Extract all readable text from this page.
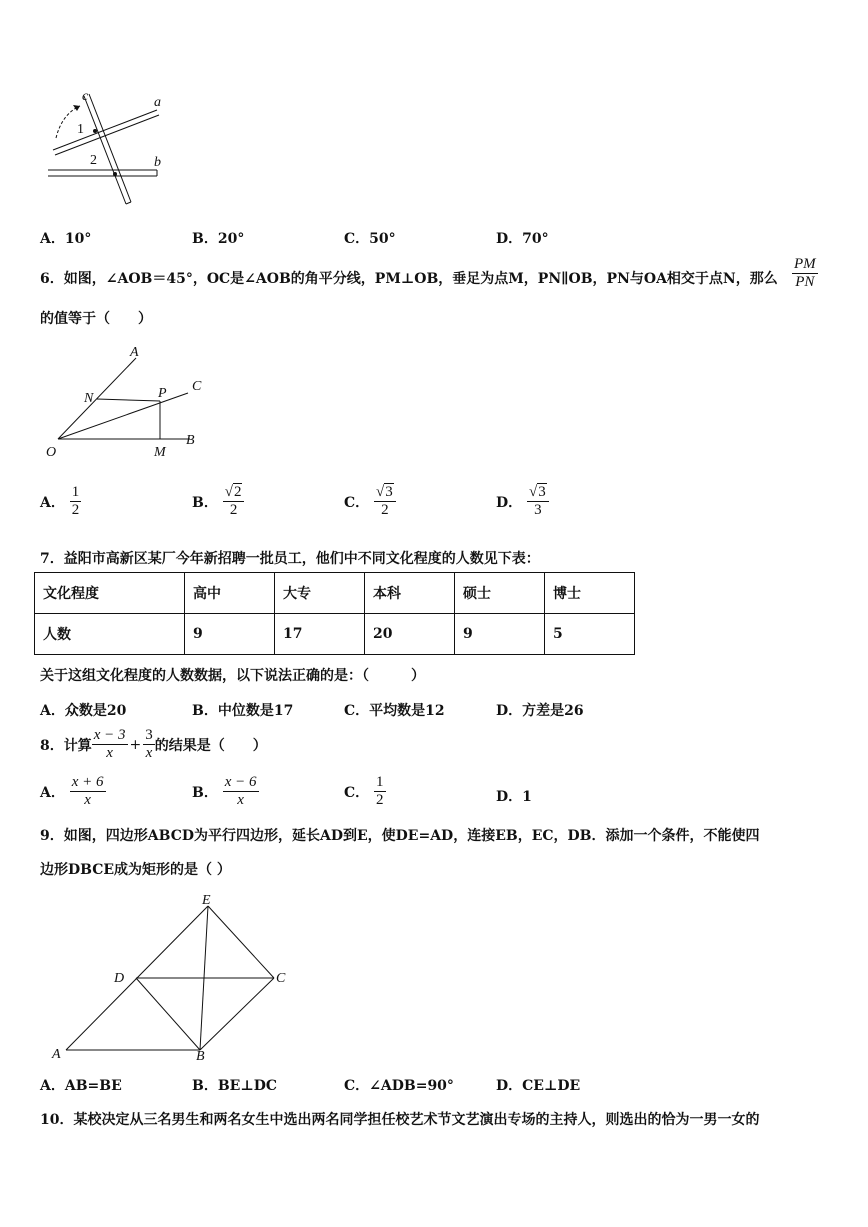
c	a
b
1
2
A．10°	B．20°	C．50°	D．70°
6．如图，∠AOB＝45°，OC是∠AOB的角平分线，PM⊥OB，垂足为点M，PN∥OB，PN与OA相交于点N，那么 $\frac{PM}{PN}$
的值等于（　　）
A
N	P C
O	M
B
A． $\frac{1}{2}$	B． $\frac{√2}{2}$	C． $\frac{√3}{2}$	D． $\frac{√3}{3}$
7．益阳市高新区某厂今年新招聘一批员工，他们中不同文化程度的人数见下表：
文化程度	高中	大专	本科	硕士	博士
人数	9	17	20	9	5
关于这组文化程度的人数数据，以下说法正确的是：（　　　）
A．众数是20	B．中位数是17	C．平均数是12	D．方差是26
8．计算 $\frac{x - 3}{x} + \frac{3}{x}$ 的结果是（　　）
A． $\frac{x + 6}{x}$	B． $\frac{x - 6}{x}$	C． $\frac{1}{2}$	D．1
9．如图，四边形ABCD为平行四边形，延长AD到E，使DE=AD，连接EB，EC，DB．添加一个条件，不能使四
边形DBCE成为矩形的是（ ）
E
D	C
A	B
A．AB=BE	B．BE⊥DC	C．∠ADB=90°	D．CE⊥DE
10．某校决定从三名男生和两名女生中选出两名同学担任校艺术节文艺演出专场的主持人，则选出的恰为一男一女的
